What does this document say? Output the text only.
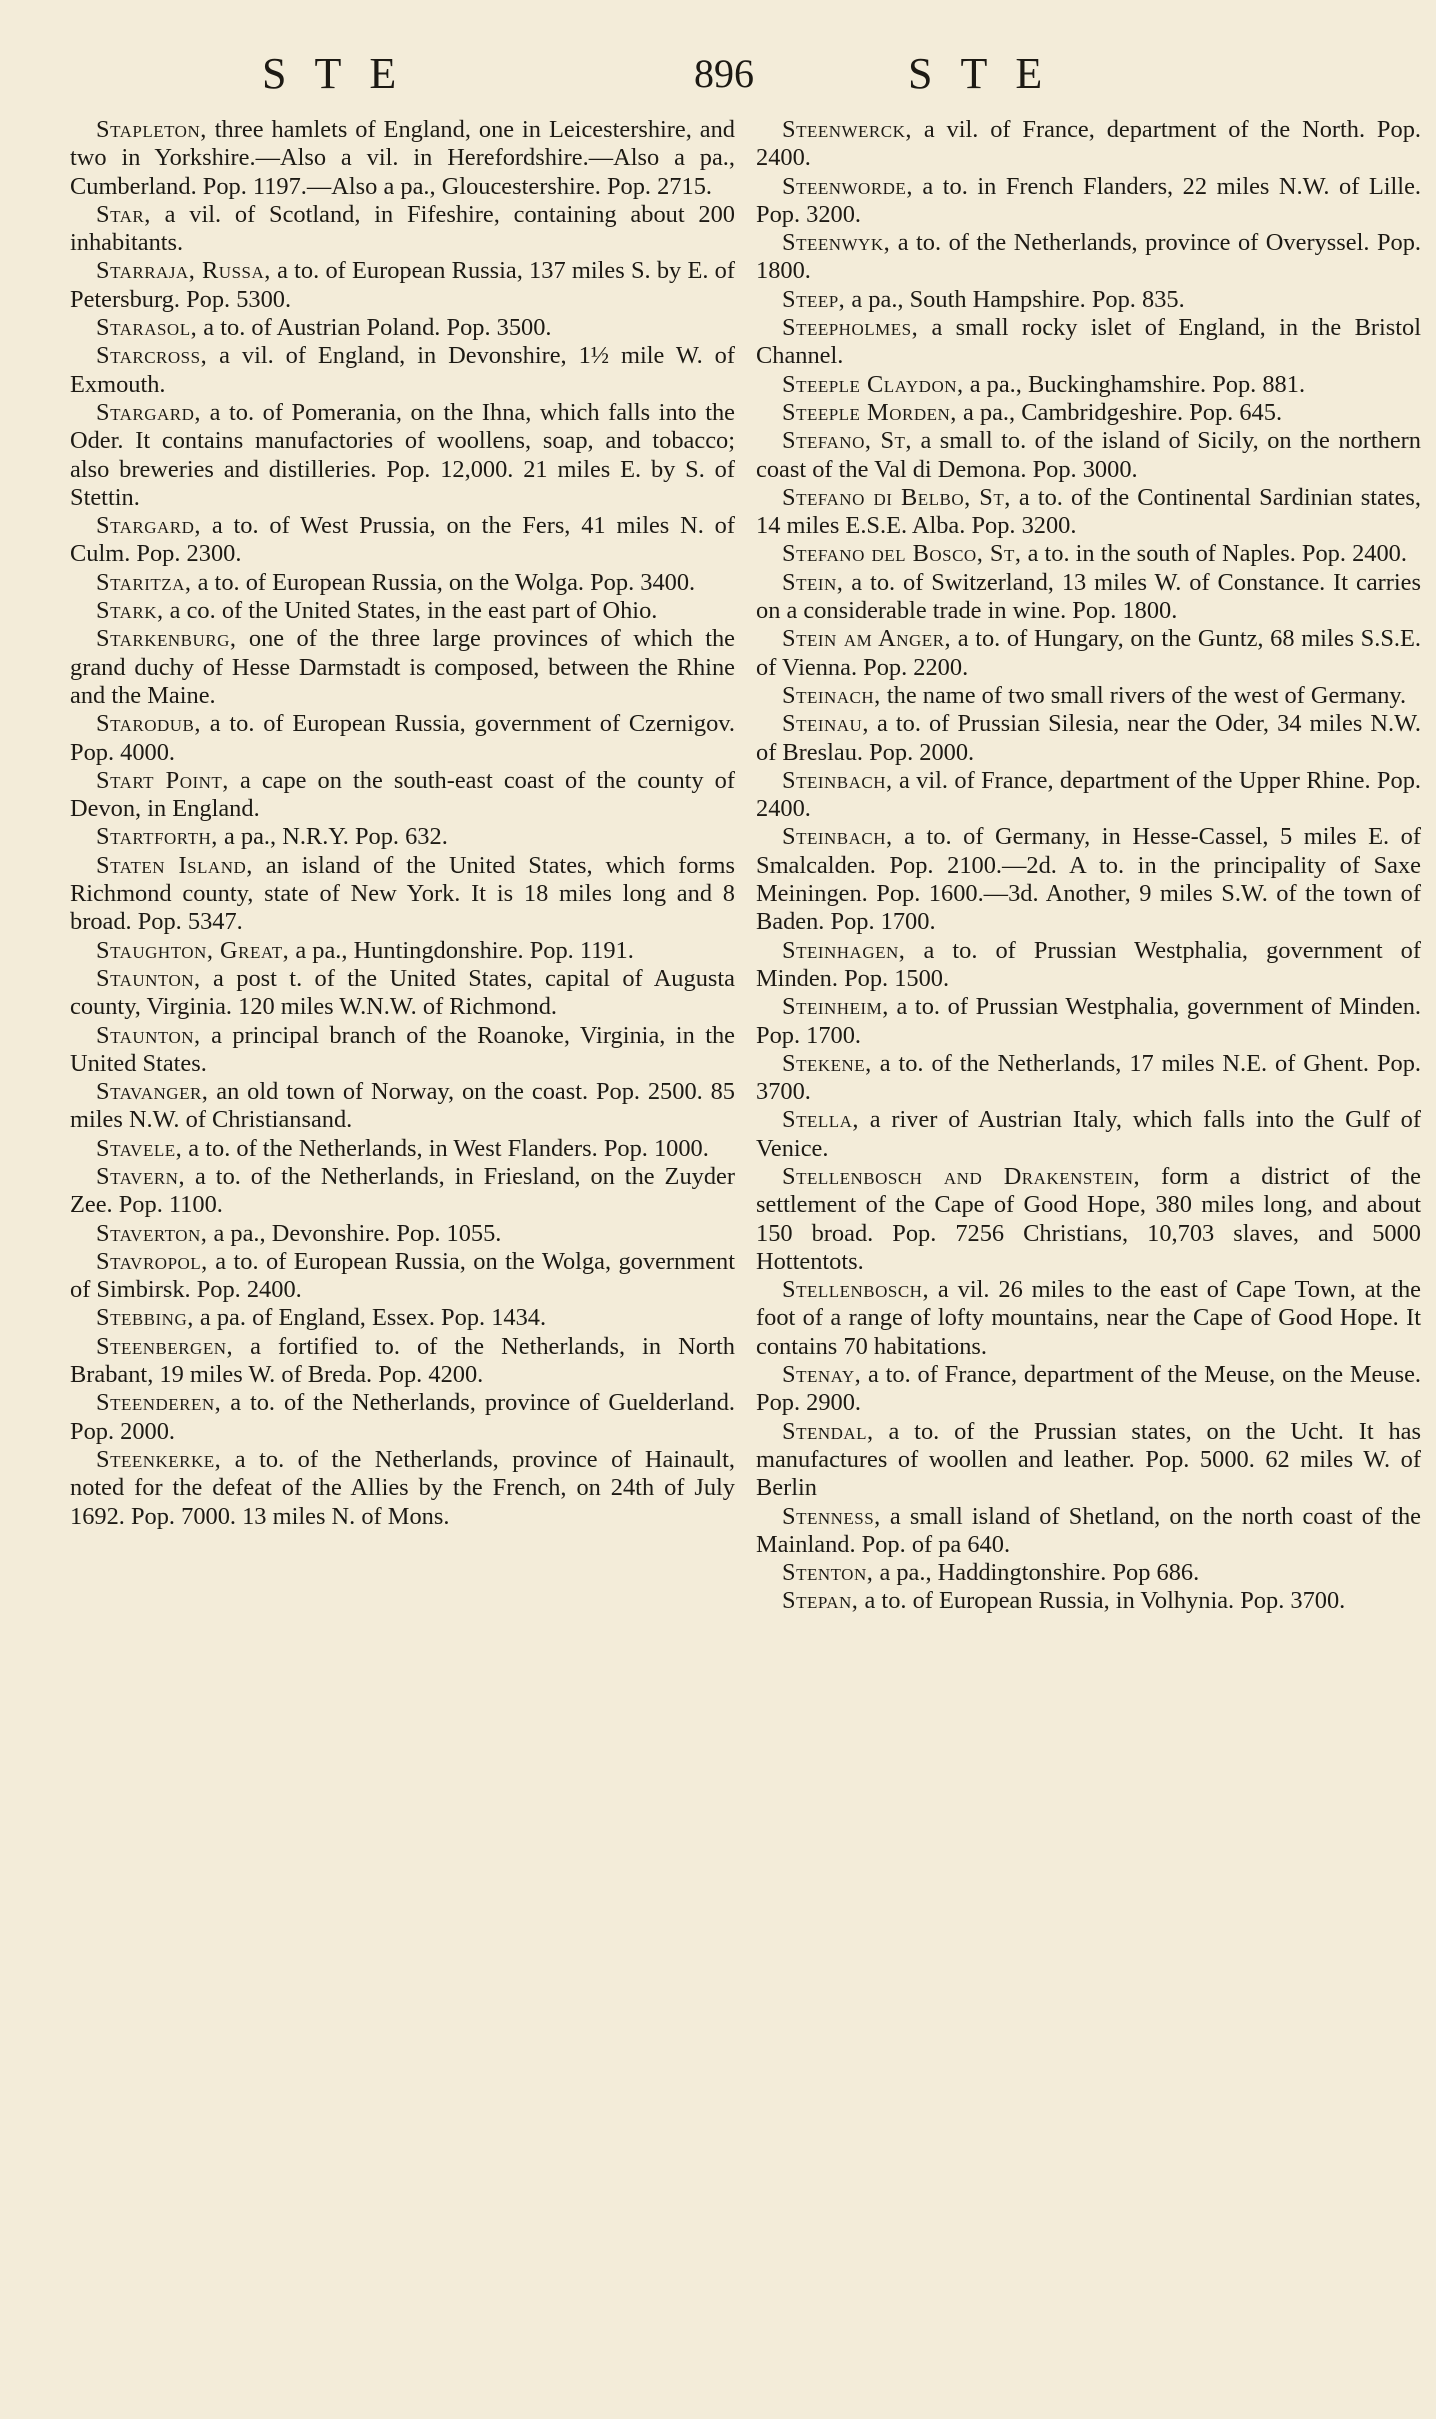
STE	896	STE

Stapleton, three hamlets of England, one in Leicestershire, and two in Yorkshire.—Also a vil. in Herefordshire.—Also a pa., Cumberland. Pop. 1197.—Also a pa., Gloucestershire. Pop. 2715.

Star, a vil. of Scotland, in Fifeshire, containing about 200 inhabitants.

Starraja, Russa, a to. of European Russia, 137 miles S. by E. of Petersburg. Pop. 5300.

Starasol, a to. of Austrian Poland. Pop. 3500.

Starcross, a vil. of England, in Devonshire, 1½ mile W. of Exmouth.

Stargard, a to. of Pomerania, on the Ihna, which falls into the Oder. It contains manufactories of woollens, soap, and tobacco; also breweries and distilleries. Pop. 12,000. 21 miles E. by S. of Stettin.

Stargard, a to. of West Prussia, on the Fers, 41 miles N. of Culm. Pop. 2300.

Staritza, a to. of European Russia, on the Wolga. Pop. 3400.

Stark, a co. of the United States, in the east part of Ohio.

Starkenburg, one of the three large provinces of which the grand duchy of Hesse Darmstadt is composed, between the Rhine and the Maine.

Starodub, a to. of European Russia, government of Czernigov. Pop. 4000.

Start Point, a cape on the south-east coast of the county of Devon, in England.

Startforth, a pa., N.R.Y. Pop. 632.

Staten Island, an island of the United States, which forms Richmond county, state of New York. It is 18 miles long and 8 broad. Pop. 5347.

Staughton, Great, a pa., Huntingdonshire. Pop. 1191.

Staunton, a post t. of the United States, capital of Augusta county, Virginia. 120 miles W.N.W. of Richmond.

Staunton, a principal branch of the Roanoke, Virginia, in the United States.

Stavanger, an old town of Norway, on the coast. Pop. 2500. 85 miles N.W. of Christiansand.

Stavele, a to. of the Netherlands, in West Flanders. Pop. 1000.

Stavern, a to. of the Netherlands, in Friesland, on the Zuyder Zee. Pop. 1100.

Staverton, a pa., Devonshire. Pop. 1055.

Stavropol, a to. of European Russia, on the Wolga, government of Simbirsk. Pop. 2400.

Stebbing, a pa. of England, Essex. Pop. 1434.

Steenbergen, a fortified to. of the Netherlands, in North Brabant, 19 miles W. of Breda. Pop. 4200.

Steenderen, a to. of the Netherlands, province of Guelderland. Pop. 2000.

Steenkerke, a to. of the Netherlands, province of Hainault, noted for the defeat of the Allies by the French, on 24th of July 1692. Pop. 7000. 13 miles N. of Mons.

Steenwerck, a vil. of France, department of the North. Pop. 2400.

Steenworde, a to. in French Flanders, 22 miles N.W. of Lille. Pop. 3200.

Steenwyk, a to. of the Netherlands, province of Overyssel. Pop. 1800.

Steep, a pa., South Hampshire. Pop. 835.

Steepholmes, a small rocky islet of England, in the Bristol Channel.

Steeple Claydon, a pa., Buckinghamshire. Pop. 881.

Steeple Morden, a pa., Cambridgeshire. Pop. 645.

Stefano, St, a small to. of the island of Sicily, on the northern coast of the Val di Demona. Pop. 3000.

Stefano di Belbo, St, a to. of the Continental Sardinian states, 14 miles E.S.E. Alba. Pop. 3200.

Stefano del Bosco, St, a to. in the south of Naples. Pop. 2400.

Stein, a to. of Switzerland, 13 miles W. of Constance. It carries on a considerable trade in wine. Pop. 1800.

Stein am Anger, a to. of Hungary, on the Guntz, 68 miles S.S.E. of Vienna. Pop. 2200.

Steinach, the name of two small rivers of the west of Germany.

Steinau, a to. of Prussian Silesia, near the Oder, 34 miles N.W. of Breslau. Pop. 2000.

Steinbach, a vil. of France, department of the Upper Rhine. Pop. 2400.

Steinbach, a to. of Germany, in Hesse-Cassel, 5 miles E. of Smalcalden. Pop. 2100.—2d. A to. in the principality of Saxe Meiningen. Pop. 1600.—3d. Another, 9 miles S.W. of the town of Baden. Pop. 1700.

Steinhagen, a to. of Prussian Westphalia, government of Minden. Pop. 1500.

Steinheim, a to. of Prussian Westphalia, government of Minden. Pop. 1700.

Stekene, a to. of the Netherlands, 17 miles N.E. of Ghent. Pop. 3700.

Stella, a river of Austrian Italy, which falls into the Gulf of Venice.

Stellenbosch and Drakenstein, form a district of the settlement of the Cape of Good Hope, 380 miles long, and about 150 broad. Pop. 7256 Christians, 10,703 slaves, and 5000 Hottentots.

Stellenbosch, a vil. 26 miles to the east of Cape Town, at the foot of a range of lofty mountains, near the Cape of Good Hope. It contains 70 habitations.

Stenay, a to. of France, department of the Meuse, on the Meuse. Pop. 2900.

Stendal, a to. of the Prussian states, on the Ucht. It has manufactures of woollen and leather. Pop. 5000. 62 miles W. of Berlin

Stenness, a small island of Shetland, on the north coast of the Mainland. Pop. of pa 640.

Stenton, a pa., Haddingtonshire. Pop 686.

Stepan, a to. of European Russia, in Volhynia. Pop. 3700.
